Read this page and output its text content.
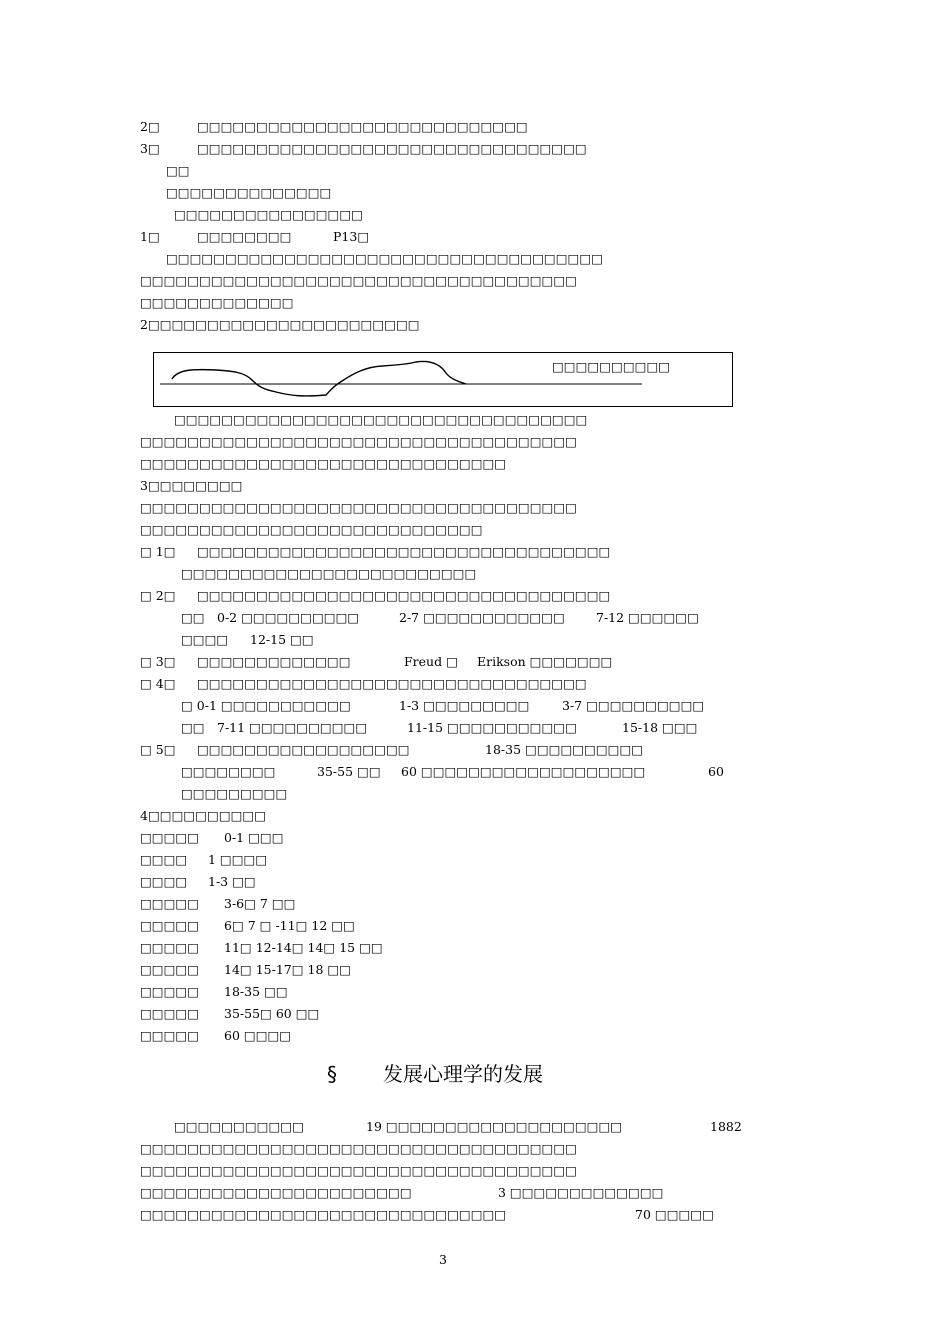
2□	□□□□□□□□□□□□□□□□□□□□□□□□□□□□
3□	□□□□□□□□□□□□□□□□□□□□□□□□□□□□□□□□□
□□
□□□□□□□□□□□□□□
□□□□□□□□□□□□□□□□
1□	□□□□□□□□	P13□
□□□□□□□□□□□□□□□□□□□□□□□□□□□□□□□□□□□□□
□□□□□□□□□□□□□□□□□□□□□□□□□□□□□□□□□□□□□
□□□□□□□□□□□□□
2□□□□□□□□□□□□□□□□□□□□□□□
□□□□□□□□□□□□□□□□□□□□□□□□□□□□□□□□□□□
□□□□□□□□□□□□□□□□□□□□□□□□□□□□□□□□□□□□□
□□□□□□□□□□□□□□□□□□□□□□□□□□□□□□□
3□□□□□□□□
□□□□□□□□□□□□□□□□□□□□□□□□□□□□□□□□□□□□□
□□□□□□□□□□□□□□□□□□□□□□□□□□□□□
□ 1□ □□□□□□□□□□□□□□□□□□□□□□□□□□□□□□□□□□□
□□□□□□□□□□□□□□□□□□□□□□□□□
□ 2□ □□□□□□□□□□□□□□□□□□□□□□□□□□□□□□□□□□□
□□ 0-2 □□□□□□□□□□	2-7 □□□□□□□□□□□□ 7-12 □□□□□□
□□□□ 12-15 □□
□ 3□ □□□□□□□□□□□□□	Freud □ Erikson □□□□□□□
□ 4□ □□□□□□□□□□□□□□□□□□□□□□□□□□□□□□□□□
□ 0-1 □□□□□□□□□□□	1-3 □□□□□□□□□	3-7 □□□□□□□□□□
□□ 7-11 □□□□□□□□□□	11-15 □□□□□□□□□□□	15-18 □□□
□ 5□ □□□□□□□□□□□□□□□□□□	18-35 □□□□□□□□□□
□□□□□□□□	35-55 □□ 60 □□□□□□□□□□□□□□□□□□□	60
□□□□□□□□□
4□□□□□□□□□□
□□□□□ 0-1 □□□
□□□□ 1 □□□□
□□□□ 1-3 □□
□□□□□ 3-6□ 7 □□
□□□□□ 6□ 7 □ -11□ 12 □□
□□□□□ 11□ 12-14□ 14□ 15 □□
□□□□□ 14□ 15-17□ 18 □□
□□□□□ 18-35 □□
□□□□□ 35-55□ 60 □□
□□□□□ 60 □□□□
□□□□□□□□□□□	19 □□□□□□□□□□□□□□□□□□□□	1882
□□□□□□□□□□□□□□□□□□□□□□□□□□□□□□□□□□□□□
□□□□□□□□□□□□□□□□□□□□□□□□□□□□□□□□□□□□□
□□□□□□□□□□□□□□□□□□□□□□□	3 □□□□□□□□□□□□□
□□□□□□□□□□□□□□□□□□□□□□□□□□□□□□□	70 □□□□□
□□□□□□□□□□
§ 发展心理学的发展
3
